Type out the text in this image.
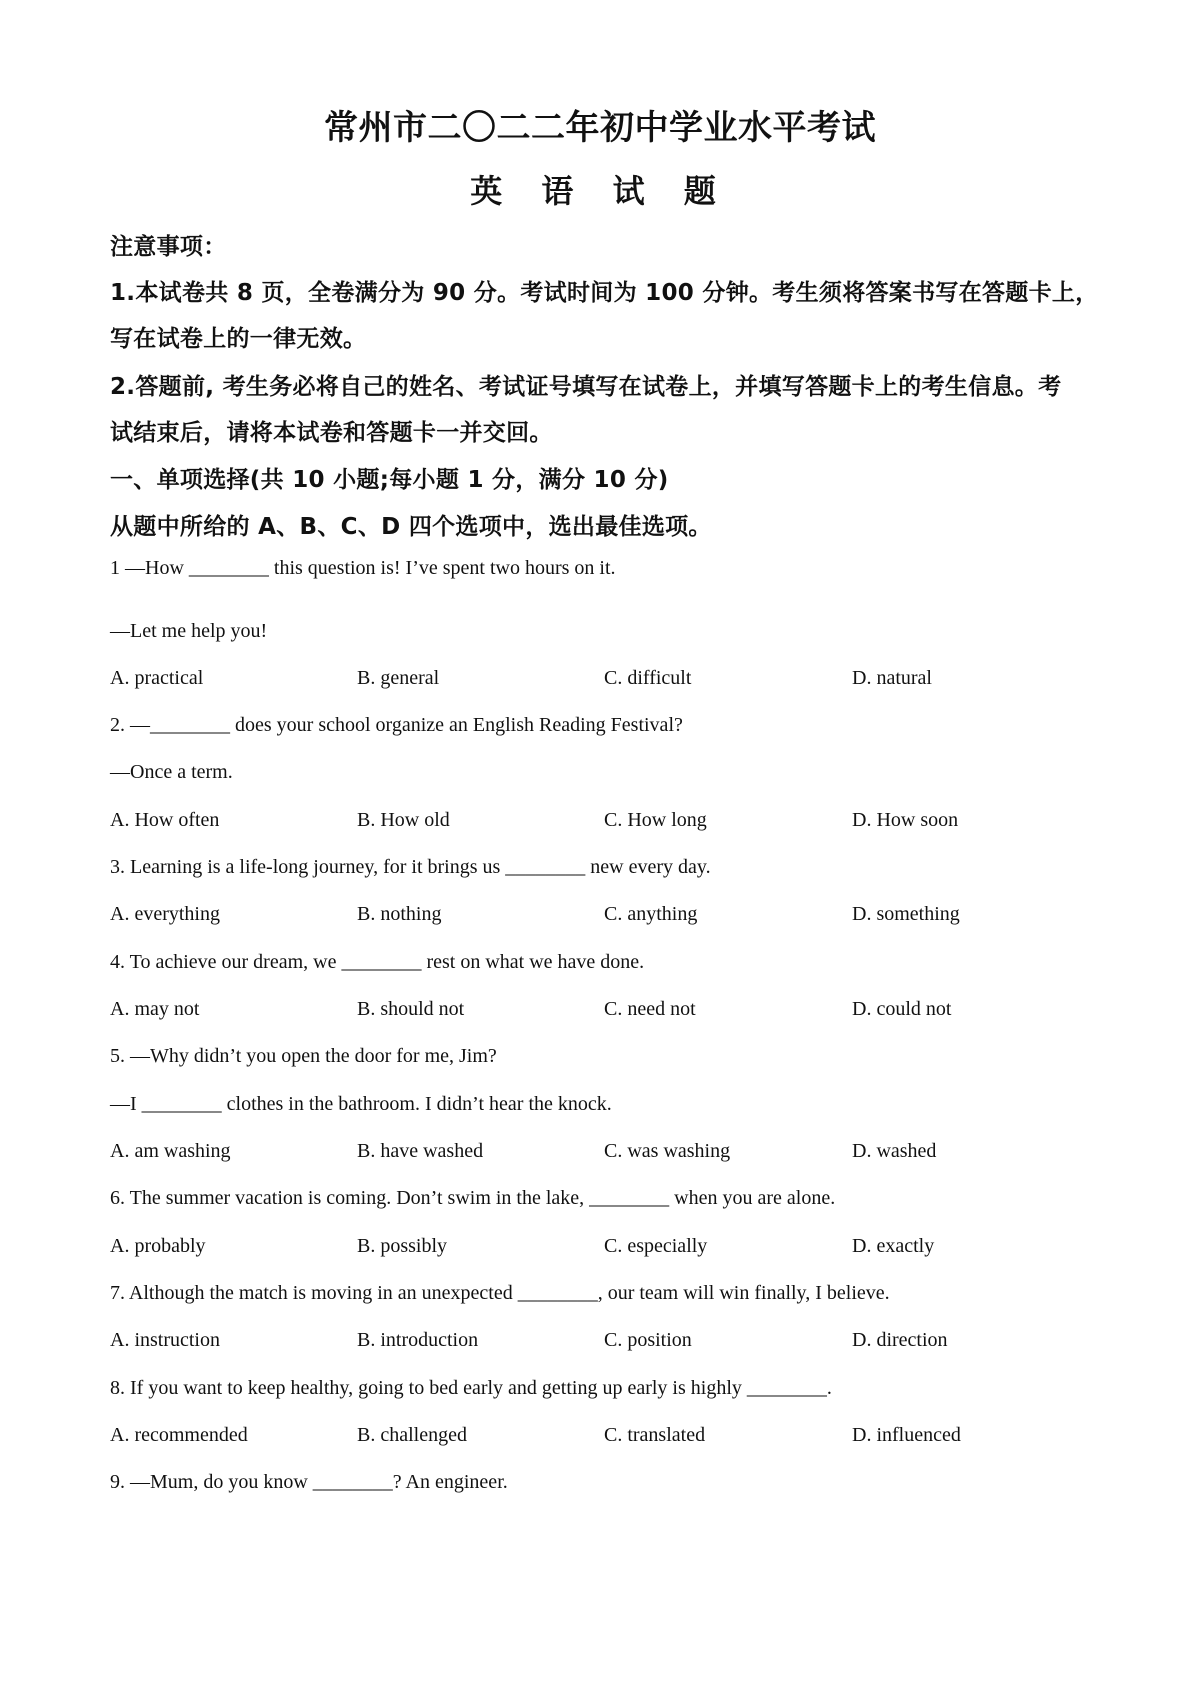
常州市二〇二二年初中学业水平考试
英 语 试 题
注意事项：
1.本试卷共 8 页，全卷满分为 90 分。考试时间为 100 分钟。考生须将答案书写在答题卡上，
写在试卷上的一律无效。
2.答题前, 考生务必将自己的姓名、考试证号填写在试卷上，并填写答题卡上的考生信息。考
试结束后，请将本试卷和答题卡一并交回。
一、单项选择(共 10 小题;每小题 1 分，满分 10 分)
从题中所给的 A、B、C、D 四个选项中，选出最佳选项。
1 —How ________ this question is! I’ve spent two hours on it.
—Let me help you!
A. practical	B. general	C. difficult	D. natural
2. —________ does your school organize an English Reading Festival?
—Once a term.
A. How often	B. How old	C. How long	D. How soon
3. Learning is a life-long journey, for it brings us ________ new every day.
A. everything	B. nothing	C. anything	D. something
4. To achieve our dream, we ________ rest on what we have done.
A. may not	B. should not	C. need not	D. could not
5. —Why didn’t you open the door for me, Jim?
—I ________ clothes in the bathroom. I didn’t hear the knock.
A. am washing	B. have washed	C. was washing	D. washed
6. The summer vacation is coming. Don’t swim in the lake, ________ when you are alone.
A. probably	B. possibly	C. especially	D. exactly
7. Although the match is moving in an unexpected ________, our team will win finally, I believe.
A. instruction	B. introduction	C. position	D. direction
8. If you want to keep healthy, going to bed early and getting up early is highly ________.
A. recommended	B. challenged	C. translated	D. influenced
9. —Mum, do you know ________? An engineer.
